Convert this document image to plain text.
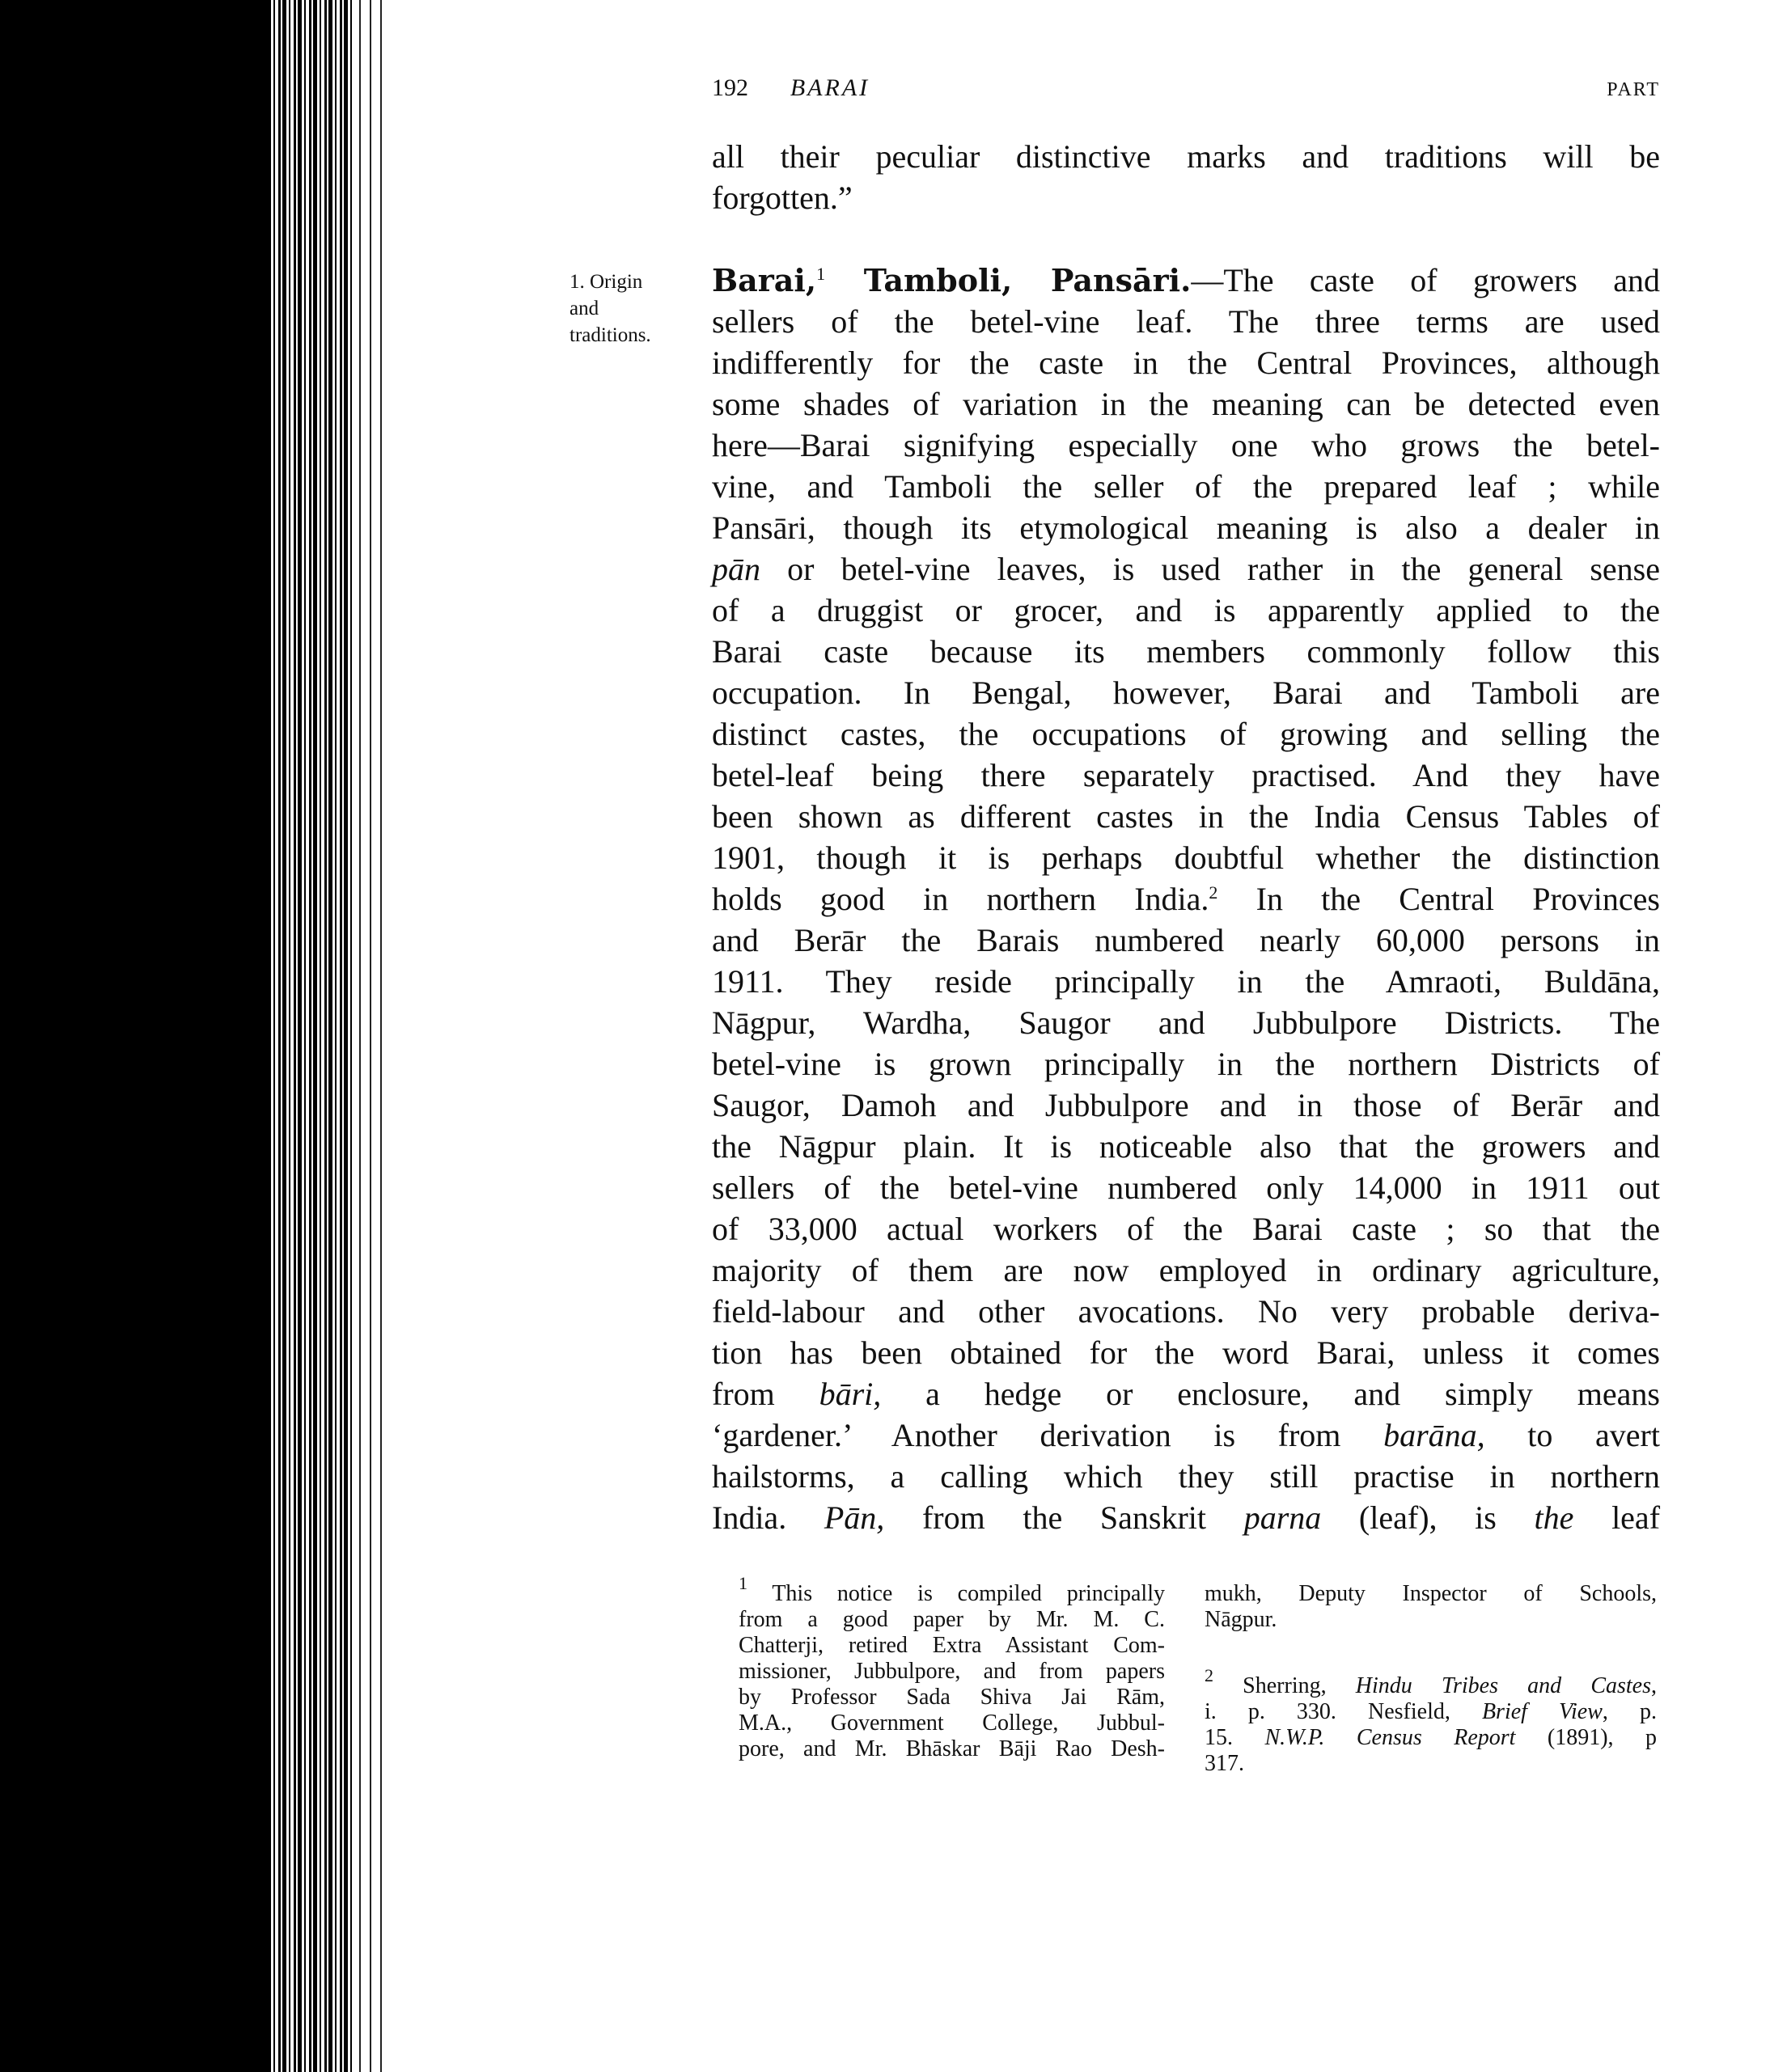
192	BARAI	PART
1. Origin
and
traditions.
all their peculiar distinctive marks and traditions will be
forgotten.”

Barai,$^1$ Tamboli, Pansāri.—The caste of growers and
sellers of the betel-vine leaf. The three terms are used
indifferently for the caste in the Central Provinces, although
some shades of variation in the meaning can be detected even
here—Barai signifying especially one who grows the betel-
vine, and Tamboli the seller of the prepared leaf ; while
Pansāri, though its etymological meaning is also a dealer in
pān or betel-vine leaves, is used rather in the general sense
of a druggist or grocer, and is apparently applied to the
Barai caste because its members commonly follow this
occupation. In Bengal, however, Barai and Tamboli are
distinct castes, the occupations of growing and selling the
betel-leaf being there separately practised. And they have
been shown as different castes in the India Census Tables of
1901, though it is perhaps doubtful whether the distinction
holds good in northern India.$^2$ In the Central Provinces
and Berār the Barais numbered nearly 60,000 persons in
1911. They reside principally in the Amraoti, Buldāna,
Nāgpur, Wardha, Saugor and Jubbulpore Districts. The
betel-vine is grown principally in the northern Districts of
Saugor, Damoh and Jubbulpore and in those of Berār and
the Nāgpur plain. It is noticeable also that the growers and
sellers of the betel-vine numbered only 14,000 in 1911 out
of 33,000 actual workers of the Barai caste ; so that the
majority of them are now employed in ordinary agriculture,
field-labour and other avocations. No very probable deriva-
tion has been obtained for the word Barai, unless it comes
from bāri, a hedge or enclosure, and simply means
‘gardener.’ Another derivation is from barāna, to avert
hailstorms, a calling which they still practise in northern
India. Pān, from the Sanskrit parna (leaf), is the leaf
$^1$ This notice is compiled principally
from a good paper by Mr. M. C.
Chatterji, retired Extra Assistant Com-
missioner, Jubbulpore, and from papers
by Professor Sada Shiva Jai Rām,
M.A., Government College, Jubbul-
pore, and Mr. Bhāskar Bāji Rao Desh-
mukh, Deputy Inspector of Schools,
Nāgpur.
$^2$ Sherring, Hindu Tribes and Castes,
i. p. 330. Nesfield, Brief View, p.
15. N.W.P. Census Report (1891), p
317.
